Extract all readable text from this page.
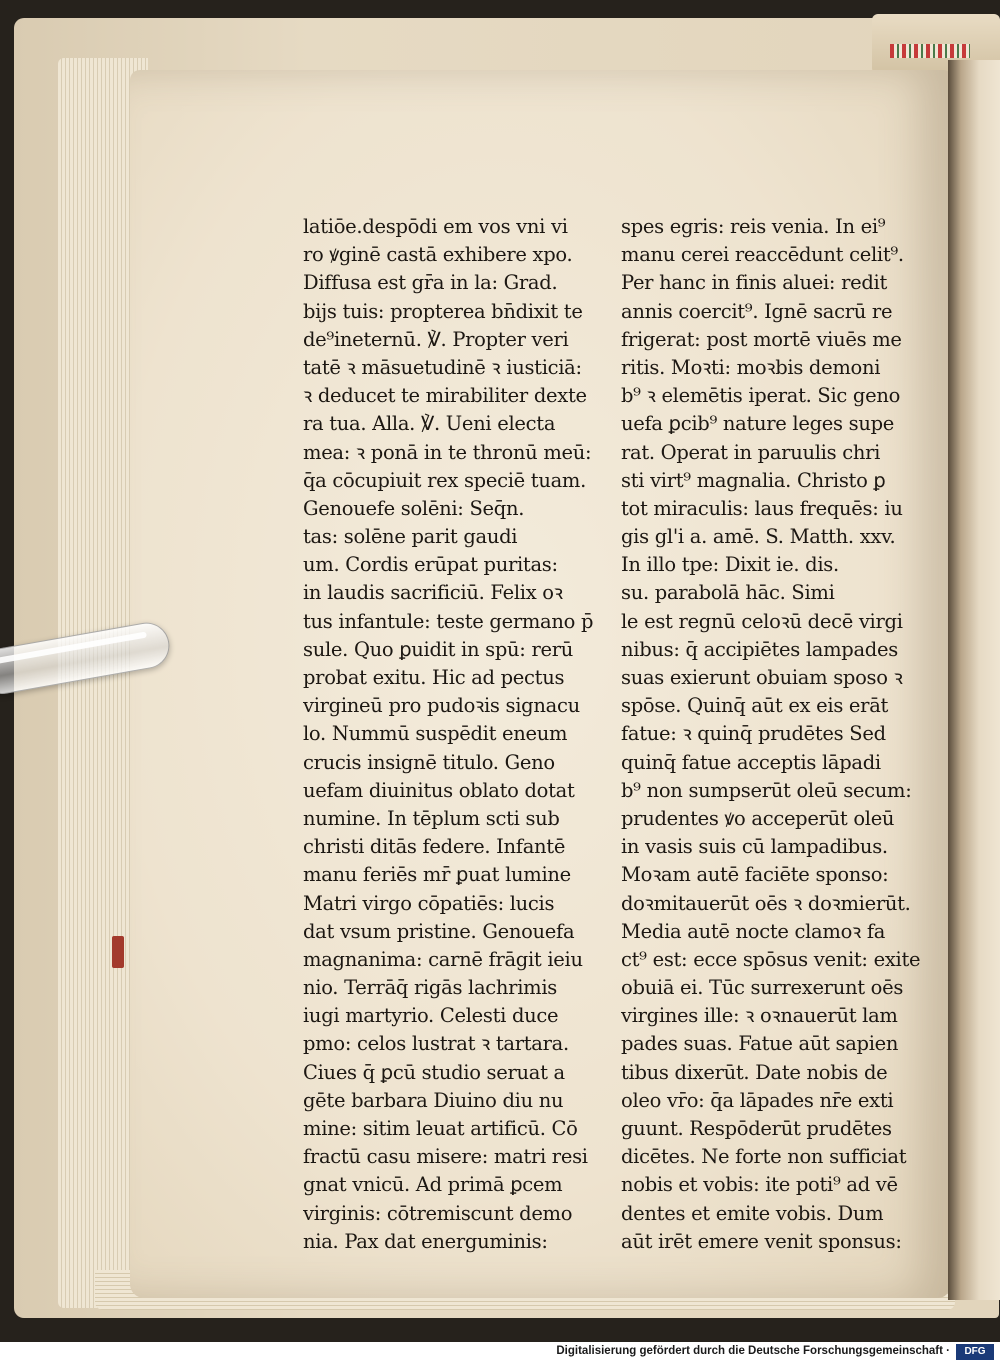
latiōe.despōdi em vos vni vi
ro ꝟginē castā exhibere xpo.
Diffusa est gr̄a in la: Grad.
bijs tuis: propterea bn̄dixit te
de⁹ineternū. ℣. Propter veri
tatē ꝛ māsuetudinē ꝛ iusticiā:
ꝛ deducet te mirabiliter dexte
ra tua. Alla. ℣. Ueni electa
mea: ꝛ ponā in te thronū meū:
q̄a cōcupiuit rex speciē tuam.
Genouefe solēni: Seq̄n.
tas: solēne parit gaudi
um. Cordis erūpat puritas:
in laudis sacrificiū. Felix oꝛ
tus infantule: teste germano p̄
sule. Quo ꝑuidit in spū: rerū
probat exitu. Hic ad pectus
virgineū pro pudoꝛis signacu
lo. Nummū suspēdit eneum
crucis insignē titulo. Geno
uefam diuinitus oblato dotat
numine. In tēplum scti sub
christi ditās federe. Infantē
manu feriēs mr̄ ꝑuat lumine
Matri virgo cōpatiēs: lucis
dat vsum pristine. Genouefa
magnanima: carnē frāgit ieiu
nio. Terrāq̄ rigās lachrimis
iugi martyrio. Celesti duce
pmo: celos lustrat ꝛ tartara.
Ciues q̄ ꝑcū studio seruat a
gēte barbara Diuino diu nu
mine: sitim leuat artificū. Cō
fractū casu misere: matri resi
gnat vnicū. Ad primā ꝑcem
virginis: cōtremiscunt demo
nia. Pax dat energuminis:
spes egris: reis venia. In ei⁹
manu cerei reaccēdunt celit⁹.
Per hanc in finis aluei: redit
annis coercit⁹. Ignē sacrū re
frigerat: post mortē viuēs me
ritis. Moꝛti: moꝛbis demoni
b⁹ ꝛ elemētis iperat. Sic geno
uefa ꝑcib⁹ nature leges supe
rat. Operat in paruulis chri
sti virt⁹ magnalia. Christo ꝑ
tot miraculis: laus frequēs: iu
gis gl'i a. amē. S. Matth. xxv.
In illo tpe: Dixit ie. dis.
su. parabolā hāc. Simi
le est regnū celoꝛū decē virgi
nibus: q̄ accipiētes lampades
suas exierunt obuiam sposo ꝛ
spōse. Quinq̄ aūt ex eis erāt
fatue: ꝛ quinq̄ prudētes Sed
quinq̄ fatue acceptis lāpadi
b⁹ non sumpserūt oleū secum:
prudentes ꝟo acceperūt oleū
in vasis suis cū lampadibus.
Moꝛam autē faciēte sponso:
doꝛmitauerūt oēs ꝛ doꝛmierūt.
Media autē nocte clamoꝛ fa
ct⁹ est: ecce spōsus venit: exite
obuiā ei. Tūc surrexerunt oēs
virgines ille: ꝛ oꝛnauerūt lam
pades suas. Fatue aūt sapien
tibus dixerūt. Date nobis de
oleo vr̄o: q̄a lāpades nr̄e exti
guunt. Respōderūt prudētes
dicētes. Ne forte non sufficiat
nobis et vobis: ite poti⁹ ad vē
dentes et emite vobis. Dum
aūt irēt emere venit sponsus:
Digitalisierung gefördert durch die Deutsche Forschungsgemeinschaft ·	DFG
